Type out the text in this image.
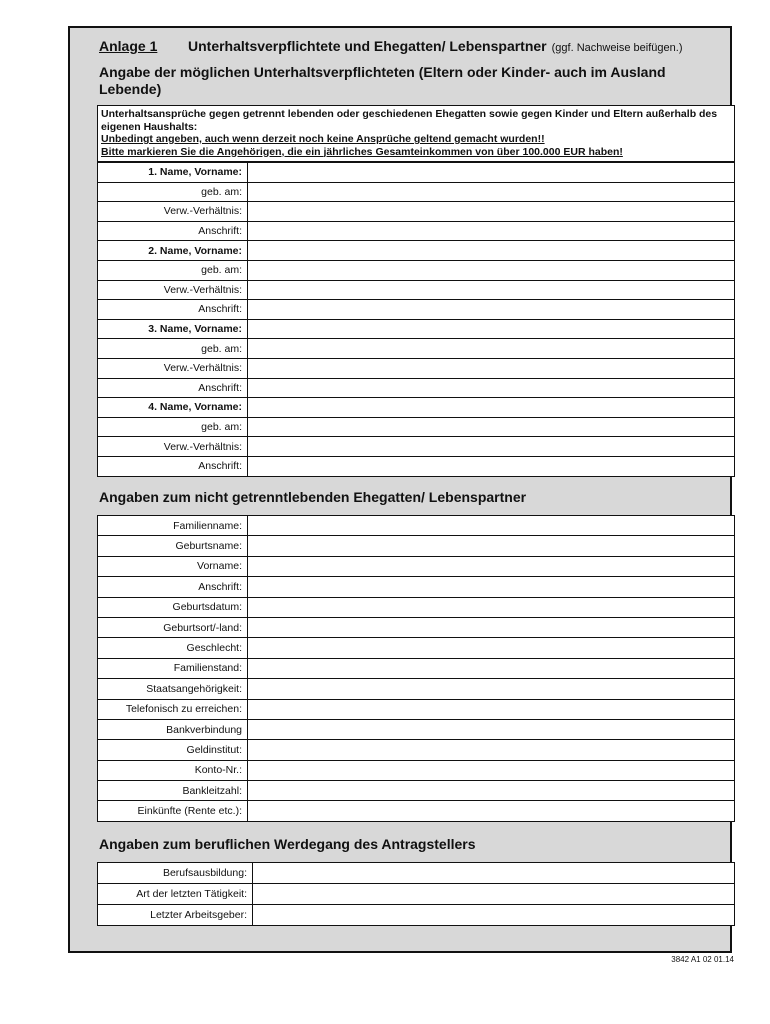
Anlage 1 Unterhaltsverpflichtete und Ehegatten/ Lebenspartner (ggf. Nachweise beifügen.)
Angabe der möglichen Unterhaltsverpflichteten (Eltern oder Kinder- auch im Ausland Lebende)
Unterhaltsansprüche gegen getrennt lebenden oder geschiedenen Ehegatten sowie gegen Kinder und Eltern außerhalb des eigenen Haushalts:
Unbedingt angeben, auch wenn derzeit noch keine Ansprüche geltend gemacht wurden!!
Bitte markieren Sie die Angehörigen, die ein jährliches Gesamteinkommen von über 100.000 EUR haben!
1. Name, Vorname:	
geb. am:	
Verw.-Verhältnis:	
Anschrift:	
2. Name, Vorname:	
geb. am:	
Verw.-Verhältnis:	
Anschrift:	
3. Name, Vorname:	
geb. am:	
Verw.-Verhältnis:	
Anschrift:	
4. Name, Vorname:	
geb. am:	
Verw.-Verhältnis:	
Anschrift:	
Angaben zum nicht getrenntlebenden Ehegatten/ Lebenspartner
Familienname:	
Geburtsname:	
Vorname:	
Anschrift:	
Geburtsdatum:	
Geburtsort/-land:	
Geschlecht:	
Familienstand:	
Staatsangehörigkeit:	
Telefonisch zu erreichen:	
Bankverbindung	
Geldinstitut:	
Konto-Nr.:	
Bankleitzahl:	
Einkünfte (Rente etc.):	
Angaben zum beruflichen Werdegang des Antragstellers
Berufsausbildung:	
Art der letzten Tätigkeit:	
Letzter Arbeitsgeber:	
3842 A1 02 01.14
